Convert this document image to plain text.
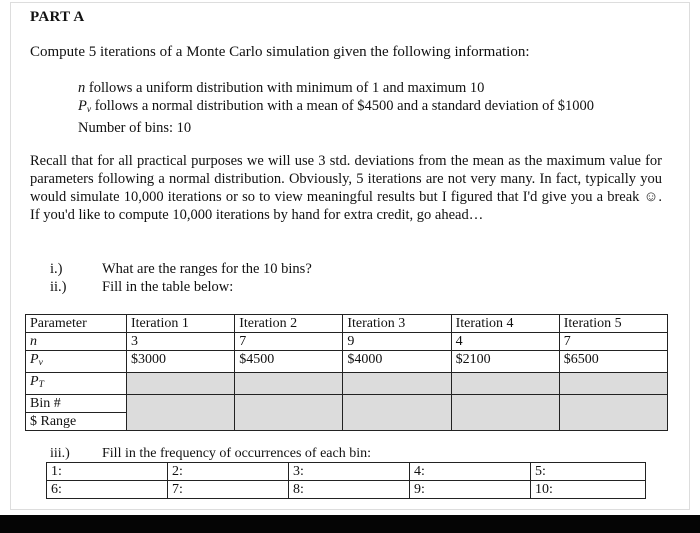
PART A
Compute 5 iterations of a Monte Carlo simulation given the following information:
n follows a uniform distribution with minimum of 1 and maximum 10
$P_v$ follows a normal distribution with a mean of $4500 and a standard deviation of $1000
Number of bins: 10
Recall that for all practical purposes we will use 3 std. deviations from the mean as the maximum value for parameters following a normal distribution. Obviously, 5 iterations are not very many. In fact, typically you would simulate 10,000 iterations or so to view meaningful results but I figured that I'd give you a break ☺. If you'd like to compute 10,000 iterations by hand for extra credit, go ahead…
i.)	What are the ranges for the 10 bins?
ii.)	Fill in the table below:
Parameter	Iteration 1	Iteration 2	Iteration 3	Iteration 4	Iteration 5
n	3	7	9	4	7
$P_v$	$3000	$4500	$4000	$2100	$6500
$P_T$					
Bin #					
$ Range					
iii.) Fill in the frequency of occurrences of each bin:
1:	2:	3:	4:	5:
6:	7:	8:	9:	10:
